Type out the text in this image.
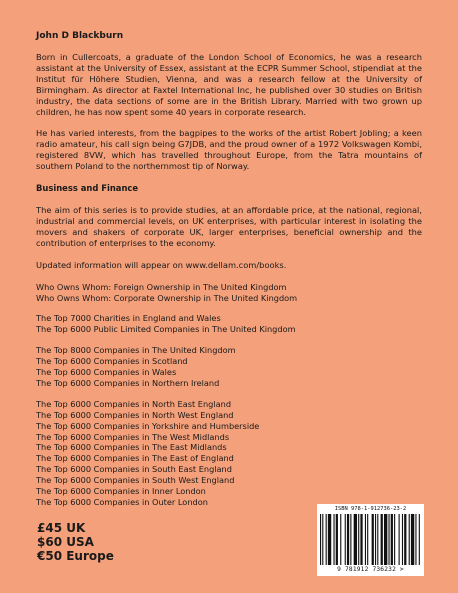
John D Blackburn

Born in Cullercoats, a graduate of the London School of Economics, he was a research assistant at the University of Essex, assistant at the ECPR Summer School, stipendiat at the Institut für Höhere Studien, Vienna, and was a research fellow at the University of Birmingham. As director at Faxtel International Inc, he published over 30 studies on British industry, the data sections of some are in the British Library. Married with two grown up children, he has now spent some 40 years in corporate research.

He has varied interests, from the bagpipes to the works of the artist Robert Jobling; a keen radio amateur, his call sign being G7JDB, and the proud owner of a 1972 Volkswagen Kombi, registered 8VW, which has travelled throughout Europe, from the Tatra mountains of southern Poland to the northernmost tip of Norway.

Business and Finance

The aim of this series is to provide studies, at an affordable price, at the national, regional, industrial and commercial levels, on UK enterprises, with particular interest in isolating the movers and shakers of corporate UK, larger enterprises, beneficial ownership and the contribution of enterprises to the economy.

Updated information will appear on www.dellam.com/books.

Who Owns Whom: Foreign Ownership in The United Kingdom
Who Owns Whom: Corporate Ownership in The United Kingdom
The Top 7000 Charities in England and Wales
The Top 6000 Public Limited Companies in The United Kingdom
The Top 8000 Companies in The United Kingdom
The Top 6000 Companies in Scotland
The Top 6000 Companies in Wales
The Top 6000 Companies in Northern Ireland
The Top 6000 Companies in North East England
The Top 6000 Companies in North West England
The Top 6000 Companies in Yorkshire and Humberside
The Top 6000 Companies in The West Midlands
The Top 6000 Companies in The East Midlands
The Top 6000 Companies in The East of England
The Top 6000 Companies in South East England
The Top 6000 Companies in South West England
The Top 6000 Companies in Inner London
The Top 6000 Companies in Outer London
£45 UK
$60 USA
€50 Europe
ISBN 978-1-912736-23-2
9 781912 736232 >
